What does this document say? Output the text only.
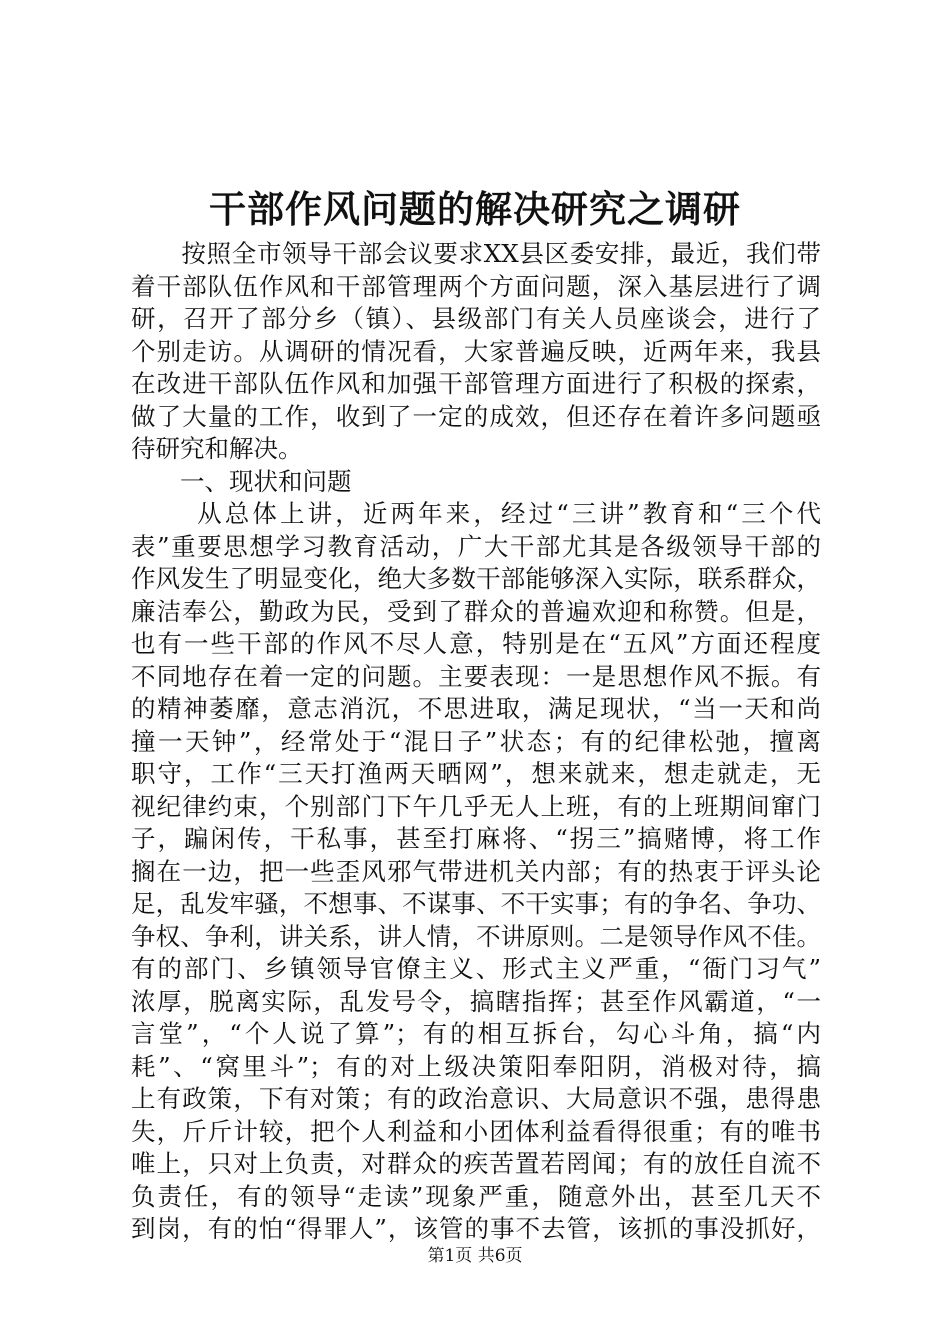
干部作风问题的解决研究之调研
　　按照全市领导干部会议要求XX县区委安排，最近，我们带
着干部队伍作风和干部管理两个方面问题，深入基层进行了调
研，召开了部分乡（镇）、县级部门有关人员座谈会，进行了
个别走访。从调研的情况看，大家普遍反映，近两年来，我县
在改进干部队伍作风和加强干部管理方面进行了积极的探索，
做了大量的工作，收到了一定的成效，但还存在着许多问题亟
待研究和解决。
　　一、现状和问题
　　 从总体上讲，近两年来，经过“三讲”教育和“三个代
表”重要思想学习教育活动，广大干部尤其是各级领导干部的
作风发生了明显变化，绝大多数干部能够深入实际，联系群众，
廉洁奉公，勤政为民，受到了群众的普遍欢迎和称赞。但是，
也有一些干部的作风不尽人意，特别是在“五风”方面还程度
不同地存在着一定的问题。主要表现：一是思想作风不振。有
的精神萎靡，意志消沉，不思进取，满足现状，“当一天和尚
撞一天钟”，经常处于“混日子”状态；有的纪律松弛，擅离
职守，工作“三天打渔两天晒网”，想来就来，想走就走，无
视纪律约束，个别部门下午几乎无人上班，有的上班期间窜门
子，蹁闲传，干私事，甚至打麻将、“拐三”搞赌博，将工作
搁在一边，把一些歪风邪气带进机关内部；有的热衷于评头论
足，乱发牢骚，不想事、不谋事、不干实事；有的争名、争功、
争权、争利，讲关系，讲人情，不讲原则。二是领导作风不佳。
有的部门、乡镇领导官僚主义、形式主义严重，“衙门习气”
浓厚，脱离实际，乱发号令，搞瞎指挥；甚至作风霸道，“一
言堂”，“个人说了算”；有的相互拆台，勾心斗角，搞“内
耗”、“窝里斗”；有的对上级决策阳奉阳阴，消极对待，搞
上有政策，下有对策；有的政治意识、大局意识不强，患得患
失，斤斤计较，把个人利益和小团体利益看得很重；有的唯书
唯上，只对上负责，对群众的疾苦置若罔闻；有的放任自流不
负责任，有的领导“走读”现象严重，随意外出，甚至几天不
到岗，有的怕“得罪人”，该管的事不去管，该抓的事没抓好，
第1页 共6页
